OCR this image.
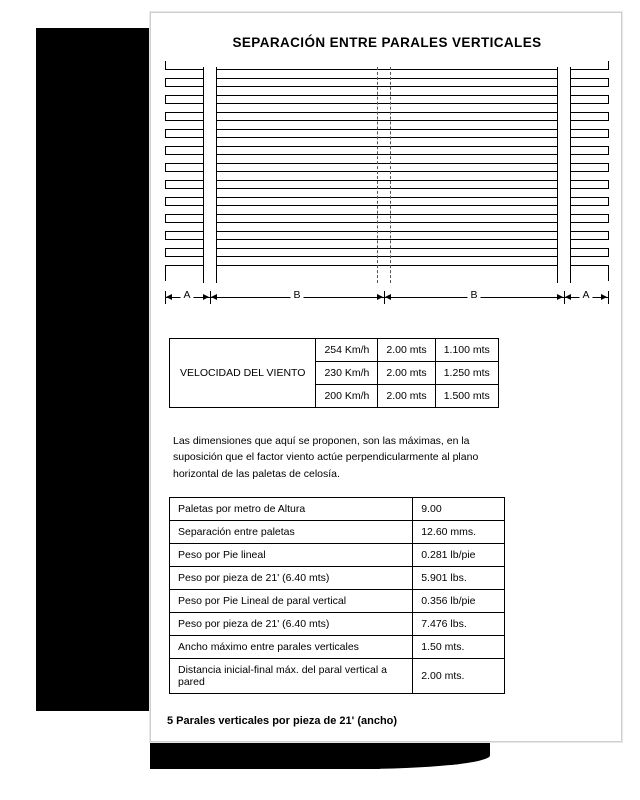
SEPARACIÓN ENTRE PARALES VERTICALES
A	B	B	A
VELOCIDAD DEL VIENTO	254 Km/h	2.00 mts	1.100 mts
	230 Km/h	2.00 mts	1.250 mts
	200 Km/h	2.00 mts	1.500 mts
Las dimensiones que aquí se proponen, son las máximas, en la suposición que el factor viento actúe perpendicularmente al plano horizontal de las paletas de celosía.
Paletas por metro de Altura	9.00
Separación entre paletas	12.60 mms.
Peso por Pie lineal	0.281 lb/pie
Peso por pieza de 21' (6.40 mts)	5.901 lbs.
Peso por Pie Lineal de paral vertical	0.356 lb/pie
Peso por pieza de 21' (6.40 mts)	7.476 lbs.
Ancho máximo entre parales verticales	1.50 mts.
Distancia inicial-final máx. del paral vertical a pared	2.00 mts.
5 Parales verticales por pieza de 21' (ancho)
